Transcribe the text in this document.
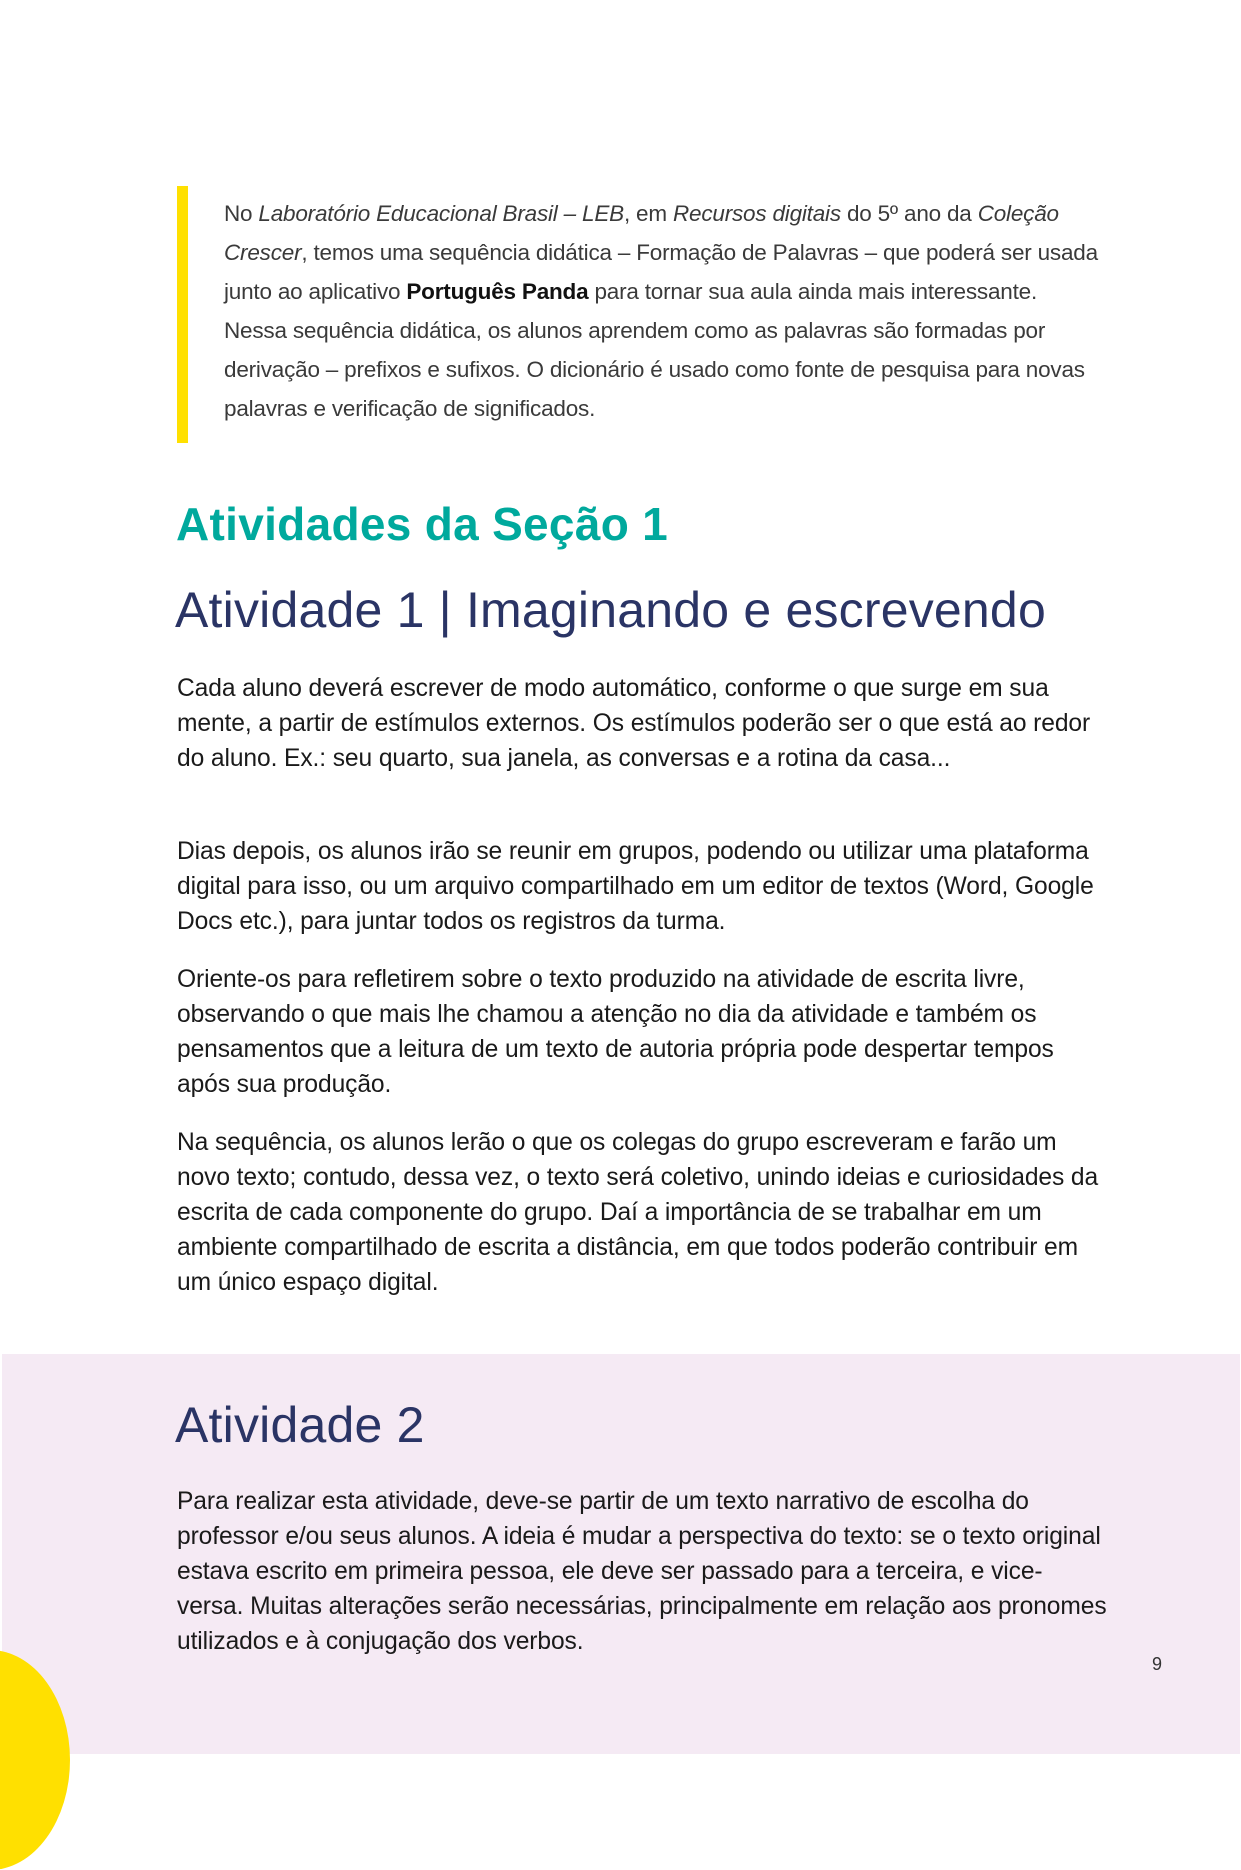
No Laboratório Educacional Brasil – LEB, em Recursos digitais do 5º ano da Coleção Crescer, temos uma sequência didática – Formação de Palavras – que poderá ser usada junto ao aplicativo Português Panda para tornar sua aula ainda mais interessante. Nessa sequência didática, os alunos aprendem como as palavras são formadas por derivação – prefixos e sufixos. O dicionário é usado como fonte de pesquisa para novas palavras e verificação de significados.
Atividades da Seção 1
Atividade 1 | Imaginando e escrevendo

Cada aluno deverá escrever de modo automático, conforme o que surge em sua mente, a partir de estímulos externos. Os estímulos poderão ser o que está ao redor do aluno. Ex.: seu quarto, sua janela, as conversas e a rotina da casa...

Dias depois, os alunos irão se reunir em grupos, podendo ou utilizar uma plataforma digital para isso, ou um arquivo compartilhado em um editor de textos (Word, Google Docs etc.), para juntar todos os registros da turma.

Oriente-os para refletirem sobre o texto produzido na atividade de escrita livre, observando o que mais lhe chamou a atenção no dia da atividade e também os pensamentos que a leitura de um texto de autoria própria pode despertar tempos após sua produção.

Na sequência, os alunos lerão o que os colegas do grupo escreveram e farão um novo texto; contudo, dessa vez, o texto será coletivo, unindo ideias e curiosidades da escrita de cada componente do grupo. Daí a importância de se trabalhar em um ambiente compartilhado de escrita a distância, em que todos poderão contribuir em um único espaço digital.

Atividade 2

Para realizar esta atividade, deve-se partir de um texto narrativo de escolha do professor e/ou seus alunos. A ideia é mudar a perspectiva do texto: se o texto original estava escrito em primeira pessoa, ele deve ser passado para a terceira, e vice-versa. Muitas alterações serão necessárias, principalmente em relação aos pronomes utilizados e à conjugação dos verbos.

9
